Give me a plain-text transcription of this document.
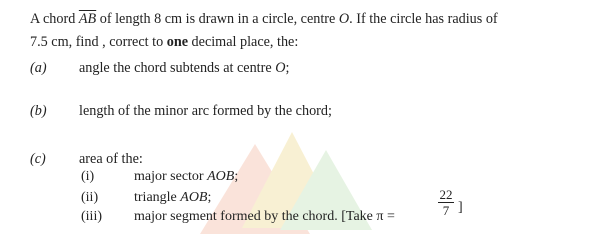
A chord $\overline{AB}$ of length 8 cm is drawn in a circle, centre O. If the circle has radius of
7.5 cm, find , correct to one decimal place, the:
(a) angle the chord subtends at centre O;
(b) length of the minor arc formed by the chord;
(c) area of the:
(i)	major sector AOB;
(ii)	triangle AOB;
(iii) major segment formed by the chord. [Take π =	$\frac{22}{7}$ ]
